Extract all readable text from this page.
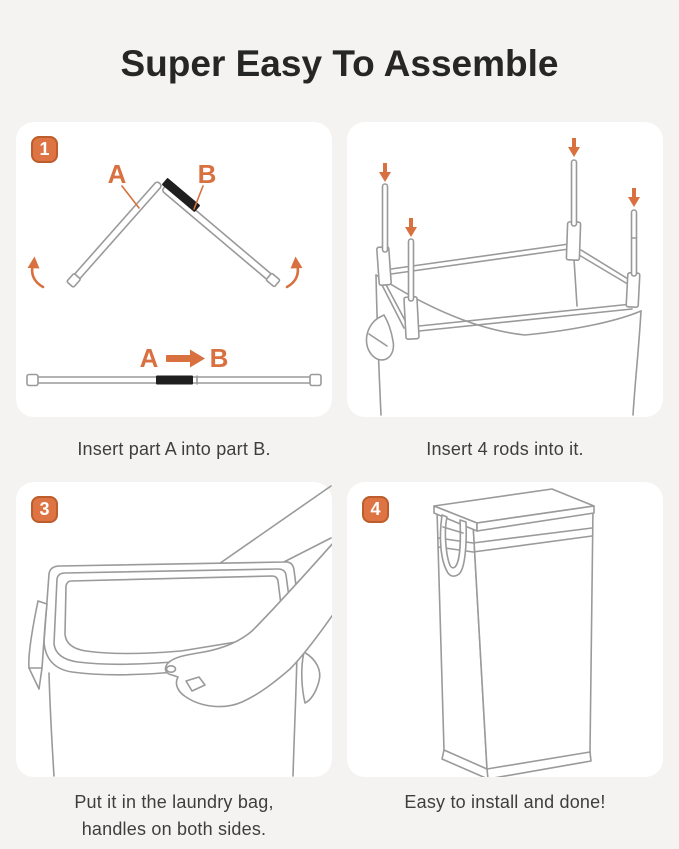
Super Easy To Assemble
1
A	B
A B

Insert part A into part B.	Insert 4 rods into it.

3

Put it in the laundry bag,

handles on both sides.

4

Easy to install and done!
